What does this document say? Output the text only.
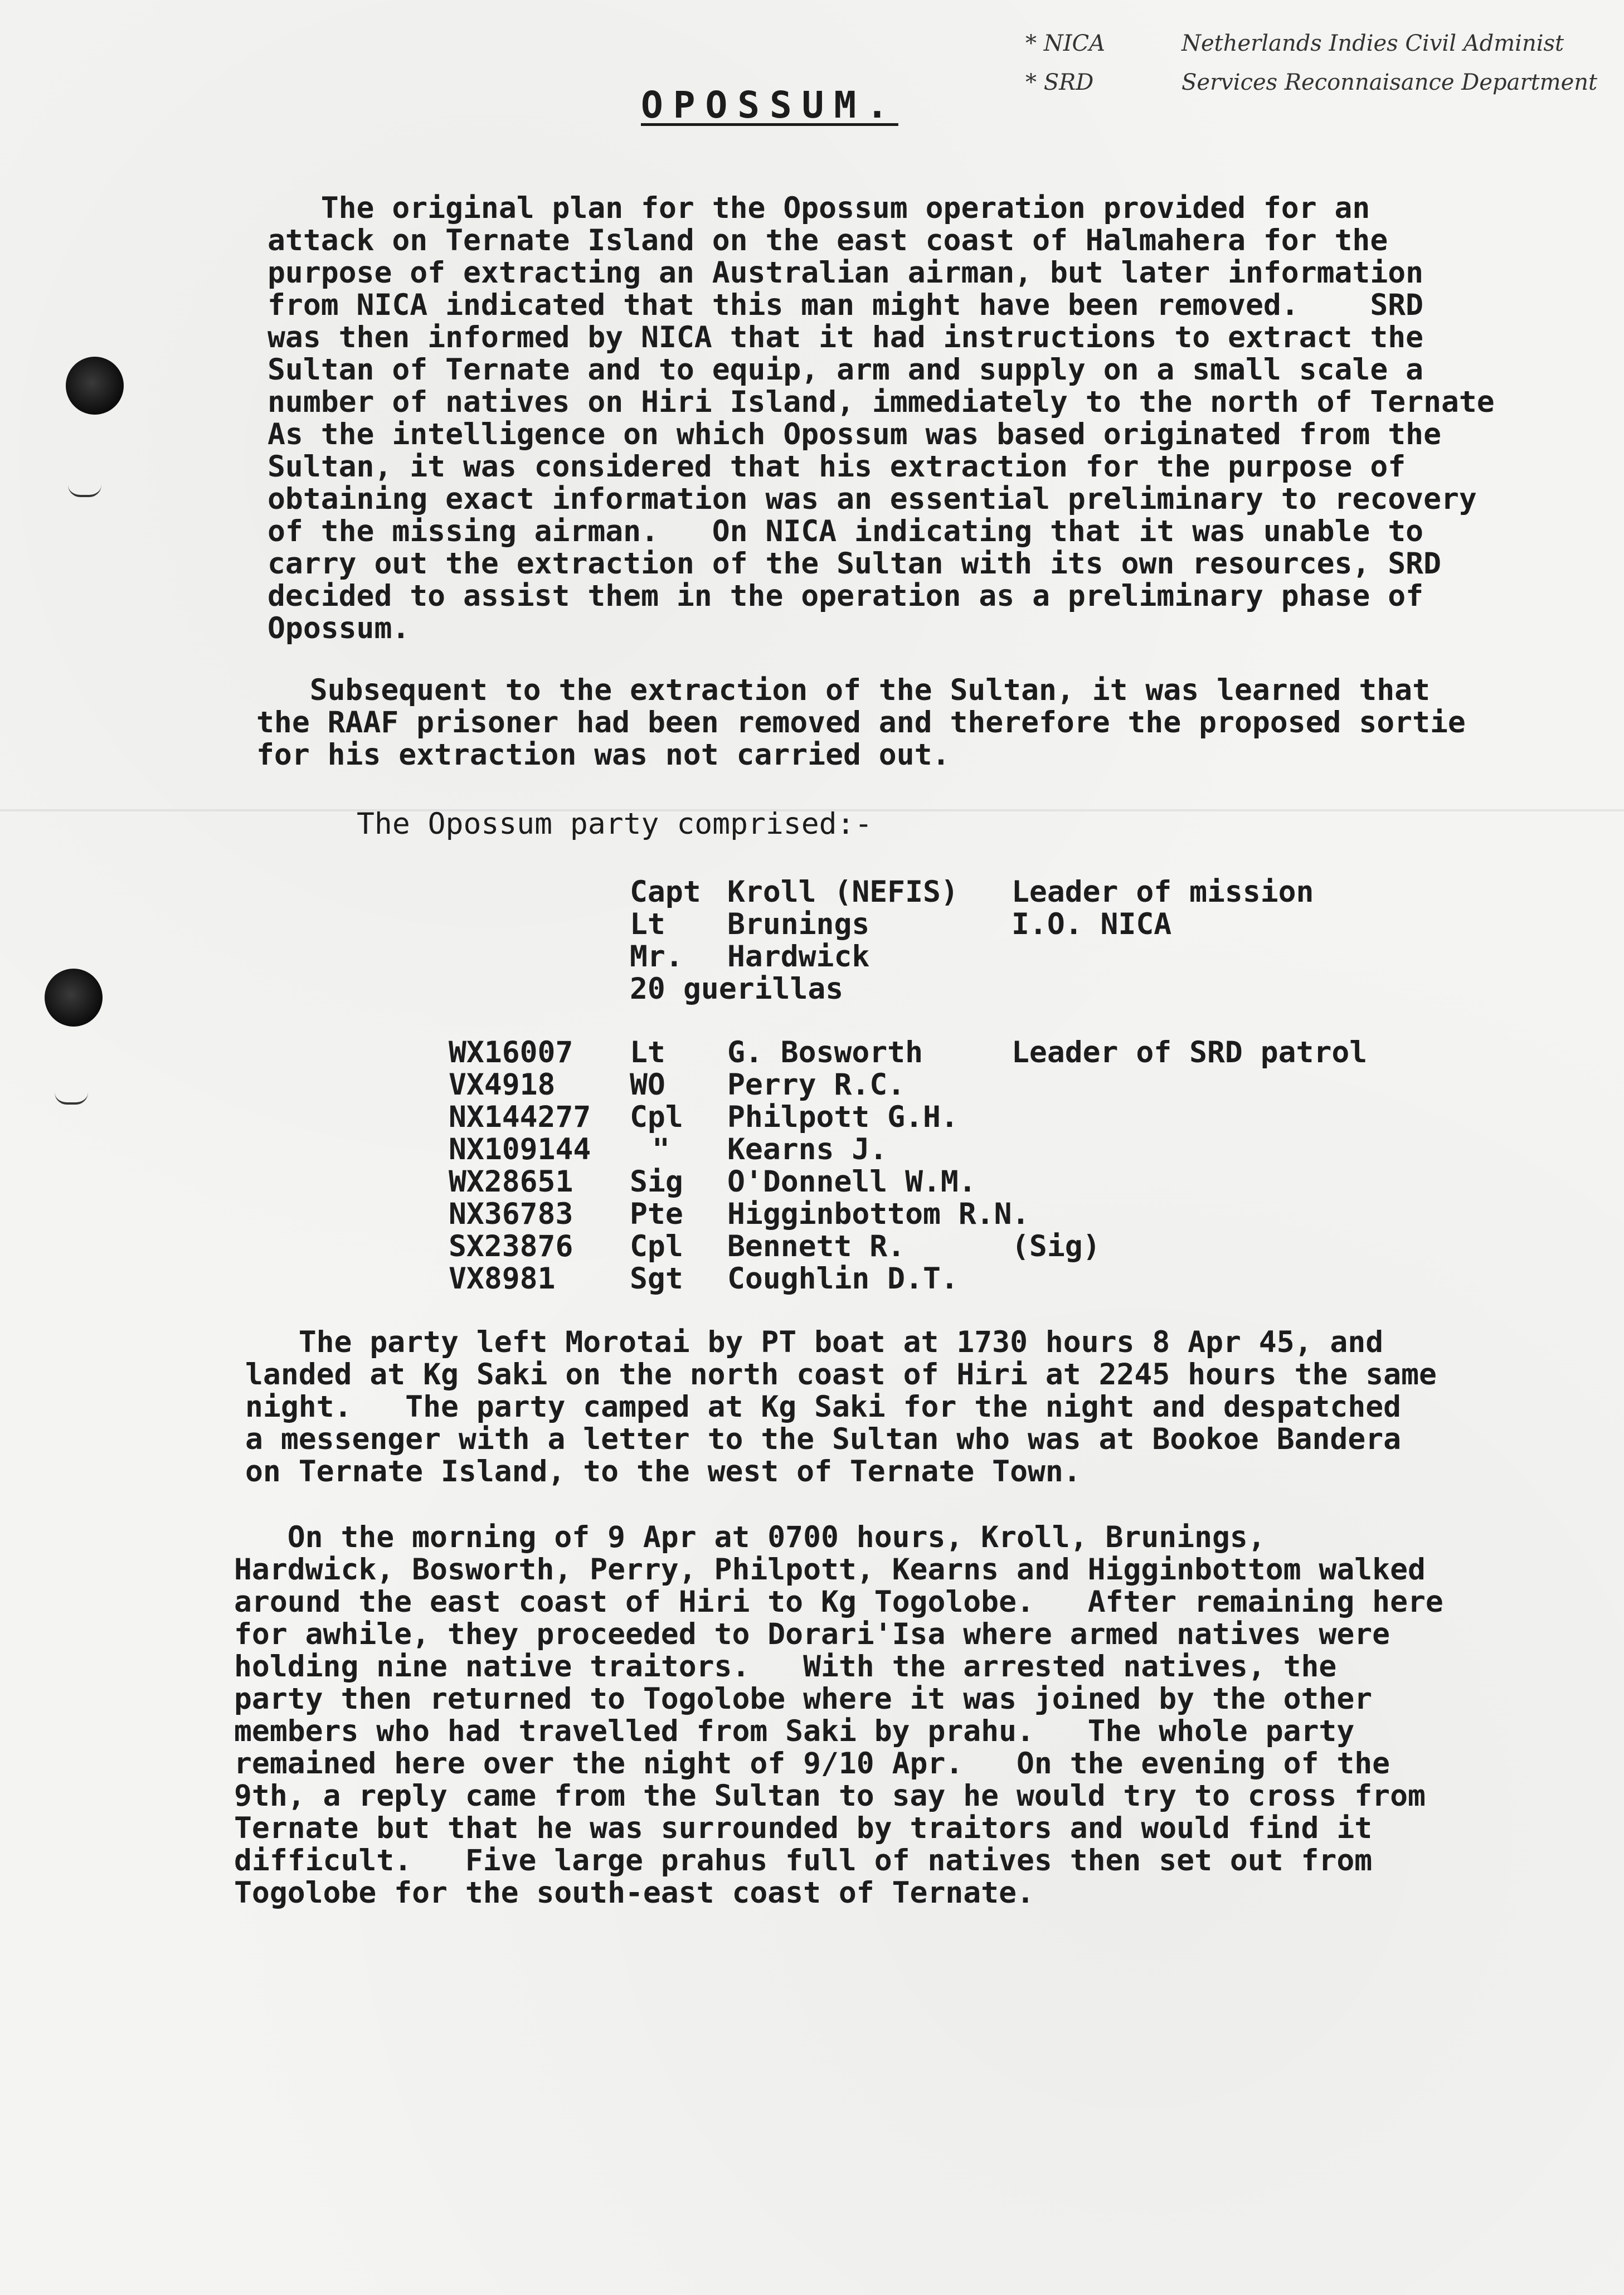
* NICA	Netherlands Indies Civil Administ
* SRD	Services Reconnaisance Department
OPOSSUM.
The original plan for the Opossum operation provided for an
attack on Ternate Island on the east coast of Halmahera for the
purpose of extracting an Australian airman, but later information
from NICA indicated that this man might have been removed.    SRD
was then informed by NICA that it had instructions to extract the
Sultan of Ternate and to equip, arm and supply on a small scale a
number of natives on Hiri Island, immediately to the north of Ternate
As the intelligence on which Opossum was based originated from the
Sultan, it was considered that his extraction for the purpose of
obtaining exact information was an essential preliminary to recovery
of the missing airman.   On NICA indicating that it was unable to
carry out the extraction of the Sultan with its own resources, SRD
decided to assist them in the operation as a preliminary phase of
Opossum.
Subsequent to the extraction of the Sultan, it was learned that
the RAAF prisoner had been removed and therefore the proposed sortie
for his extraction was not carried out.
The Opossum party comprised:-
Capt Kroll (NEFIS) Leader of mission
Lt Brunings	I.O. NICA
Mr. Hardwick
20 guerillas
WX16007 Lt G. Bosworth	Leader of SRD patrol
VX4918	WO Perry R.C.
NX144277 Cpl Philpott G.H.
NX109144 " Kearns J.
WX28651 Sig O'Donnell W.M.
NX36783 Pte Higginbottom R.N.
SX23876 Cpl Bennett R.	(Sig)
VX8981	Sgt Coughlin D.T.
The party left Morotai by PT boat at 1730 hours 8 Apr 45, and
landed at Kg Saki on the north coast of Hiri at 2245 hours the same
night.   The party camped at Kg Saki for the night and despatched
a messenger with a letter to the Sultan who was at Bookoe Bandera
on Ternate Island, to the west of Ternate Town.
On the morning of 9 Apr at 0700 hours, Kroll, Brunings,
Hardwick, Bosworth, Perry, Philpott, Kearns and Higginbottom walked
around the east coast of Hiri to Kg Togolobe.   After remaining here
for awhile, they proceeded to Dorari'Isa where armed natives were
holding nine native traitors.   With the arrested natives, the
party then returned to Togolobe where it was joined by the other
members who had travelled from Saki by prahu.   The whole party
remained here over the night of 9/10 Apr.   On the evening of the
9th, a reply came from the Sultan to say he would try to cross from
Ternate but that he was surrounded by traitors and would find it
difficult.   Five large prahus full of natives then set out from
Togolobe for the south-east coast of Ternate.
